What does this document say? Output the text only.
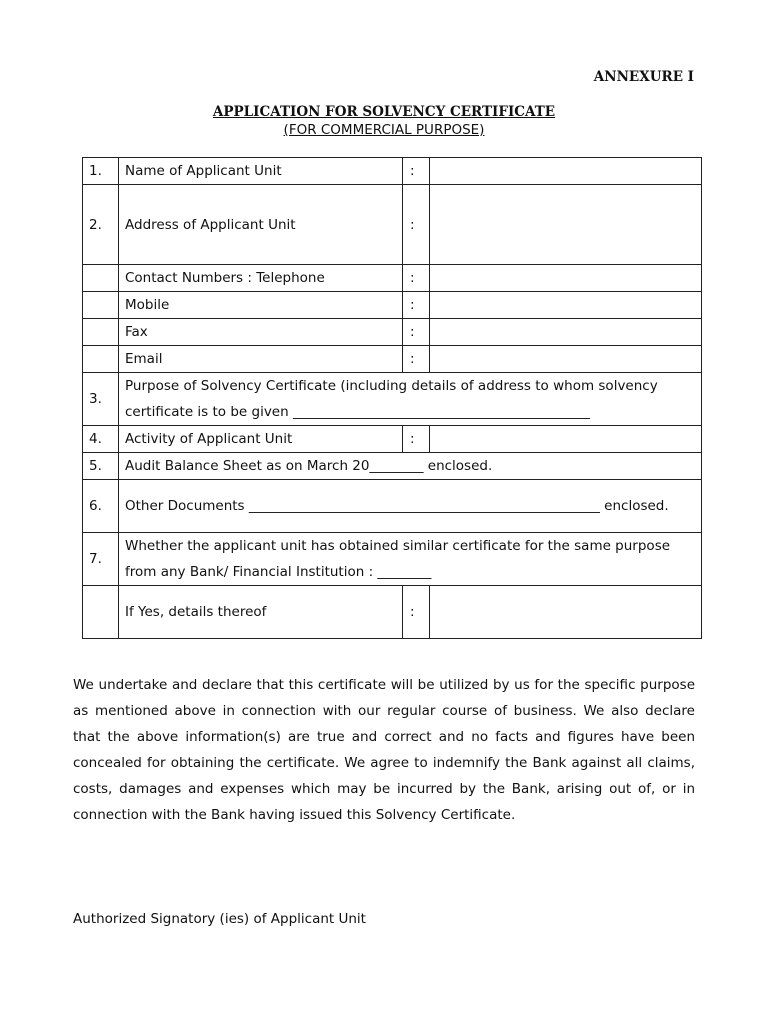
ANNEXURE I
APPLICATION FOR SOLVENCY CERTIFICATE
(FOR COMMERCIAL PURPOSE)
1.	Name of Applicant Unit	:	
2.	Address of Applicant Unit	:	
	Contact Numbers : Telephone	:	
	Mobile	:	
	Fax	:	
	Email	:	
3.	Purpose of Solvency Certificate (including details of address to whom solvency certificate is to be given ____________________________________________		
4.	Activity of Applicant Unit	:	
5.	Audit Balance Sheet as on March 20________ enclosed.		
6.	Other Documents ____________________________________________________ enclosed.		
7.	Whether the applicant unit has obtained similar certificate for the same purpose from any Bank/ Financial Institution : ________		
	If Yes, details thereof	:	
We undertake and declare that this certificate will be utilized by us for the specific purpose as mentioned above in connection with our regular course of business. We also declare that the above information(s) are true and correct and no facts and figures have been concealed for obtaining the certificate. We agree to indemnify the Bank against all claims, costs, damages and expenses which may be incurred by the Bank, arising out of, or in connection with the Bank having issued this Solvency Certificate.
Authorized Signatory (ies) of Applicant Unit
